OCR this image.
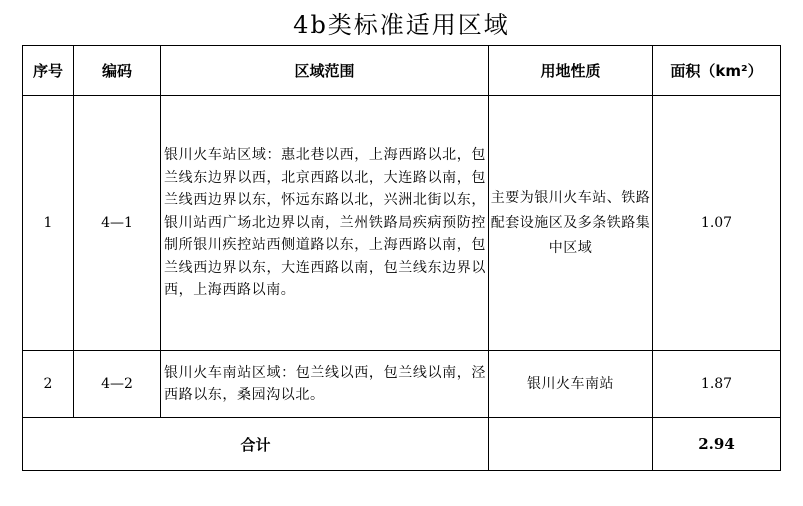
4b类标准适用区域
序号	编码	区域范围	用地性质	面积（km²）
1	4—1	银川火车站区域：惠北巷以西，上海西路以北，包兰线东边界以西，北京西路以北，大连路以南，包兰线西边界以东，怀远东路以北，兴洲北街以东，银川站西广场北边界以南，兰州铁路局疾病预防控制所银川疾控站西侧道路以东，上海西路以南，包兰线西边界以东，大连西路以南，包兰线东边界以西，上海西路以南。	主要为银川火车站、铁路配套设施区及多条铁路集中区域	1.07
2	4—2	银川火车南站区域：包兰线以西，包兰线以南，泾西路以东，桑园沟以北。	银川火车南站	1.87
合计				2.94
